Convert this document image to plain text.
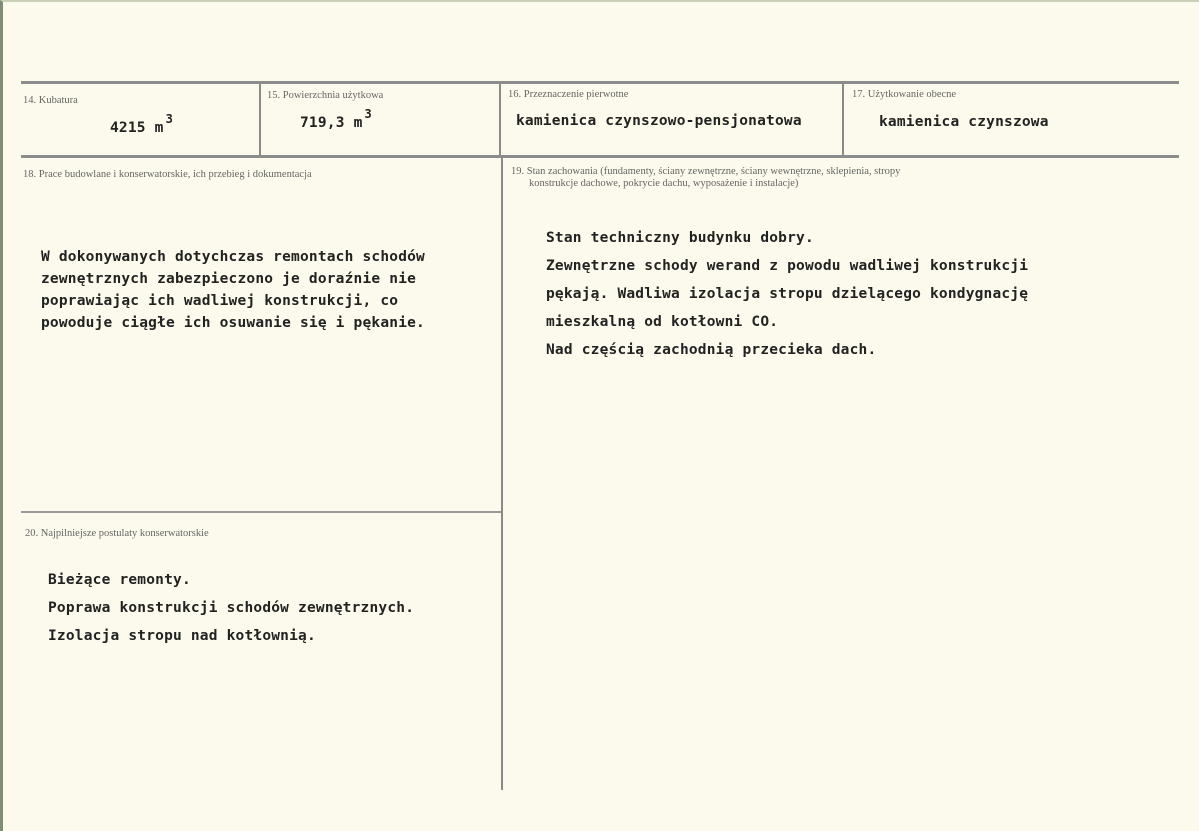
14. Kubatura
4215 $m^3$
15. Powierzchnia użytkowa
719,3 $m^3$
16. Przeznaczenie pierwotne
kamienica czynszowo-pensjonatowa
17. Użytkowanie obecne
kamienica czynszowa
18. Prace budowlane i konserwatorskie, ich przebieg i dokumentacja
W dokonywanych dotychczas remontach schodów
zewnętrznych zabezpieczono je doraźnie nie
poprawiając ich wadliwej konstrukcji, co
powoduje ciągłe ich osuwanie się i pękanie.
19. Stan zachowania (fundamenty, ściany zewnętrzne, ściany wewnętrzne, sklepienia, stropy
konstrukcje dachowe, pokrycie dachu, wyposażenie i instalacje)
Stan techniczny budynku dobry.
Zewnętrzne schody werand z powodu wadliwej konstrukcji
pękają. Wadliwa izolacja stropu dzielącego kondygnację
mieszkalną od kotłowni CO.
Nad częścią zachodnią przecieka dach.
20. Najpilniejsze postulaty konserwatorskie
Bieżące remonty.
Poprawa konstrukcji schodów zewnętrznych.
Izolacja stropu nad kotłownią.
